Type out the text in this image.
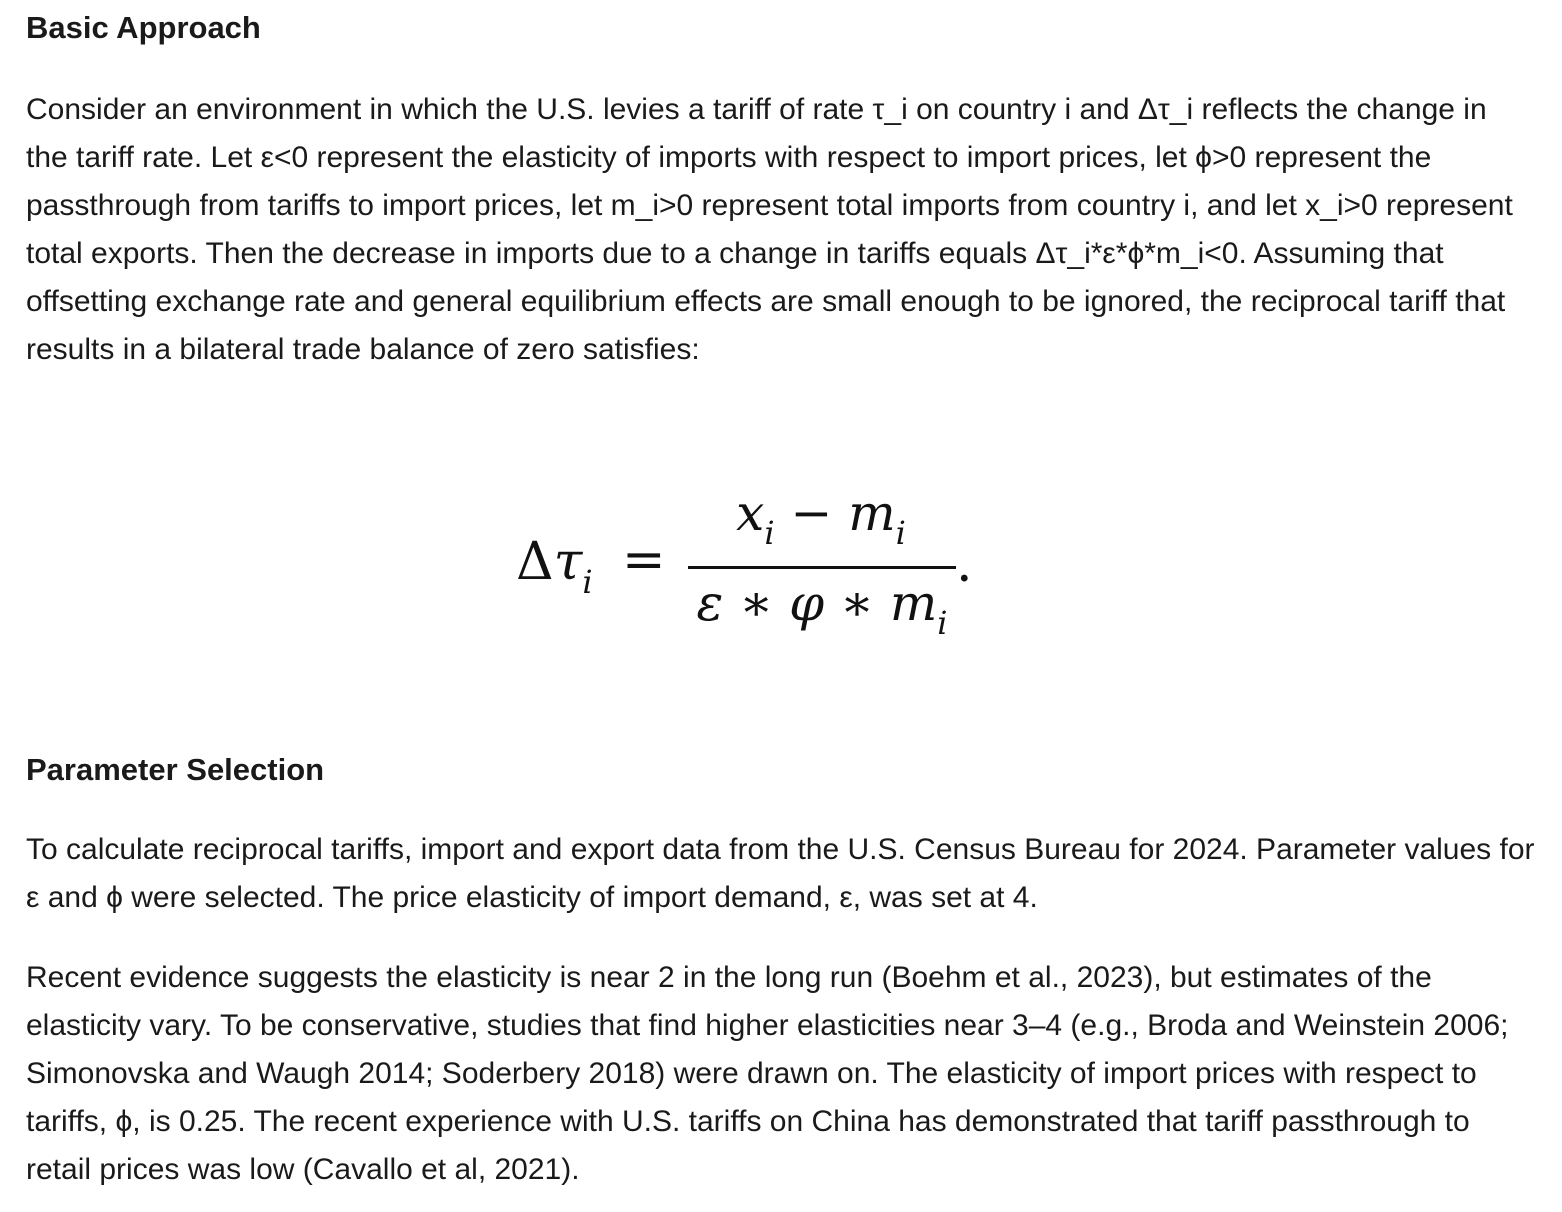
Basic Approach

Consider an environment in which the U.S. levies a tariff of rate τ_i on country i and Δτ_i reflects the change in the tariff rate. Let ε<0 represent the elasticity of imports with respect to import prices, let ϕ>0 represent the passthrough from tariffs to import prices, let m_i>0 represent total imports from country i, and let x_i>0 represent total exports. Then the decrease in imports due to a change in tariffs equals Δτ_i*ε*ϕ*m_i<0. Assuming that offsetting exchange rate and general equilibrium effects are small enough to be ignored, the reciprocal tariff that results in a bilateral trade balance of zero satisfies:

Parameter Selection

To calculate reciprocal tariffs, import and export data from the U.S. Census Bureau for 2024. Parameter values for ε and ϕ were selected. The price elasticity of import demand, ε, was set at 4.

Recent evidence suggests the elasticity is near 2 in the long run (Boehm et al., 2023), but estimates of the elasticity vary. To be conservative, studies that find higher elasticities near 3–4 (e.g., Broda and Weinstein 2006; Simonovska and Waugh 2014; Soderbery 2018) were drawn on. The elasticity of import prices with respect to tariffs, ϕ, is 0.25. The recent experience with U.S. tariffs on China has demonstrated that tariff passthrough to retail prices was low (Cavallo et al, 2021).

$\Delta\tau_i$ =
$x_i - m_i$
ε ∗ φ ∗ $m_i$
.
